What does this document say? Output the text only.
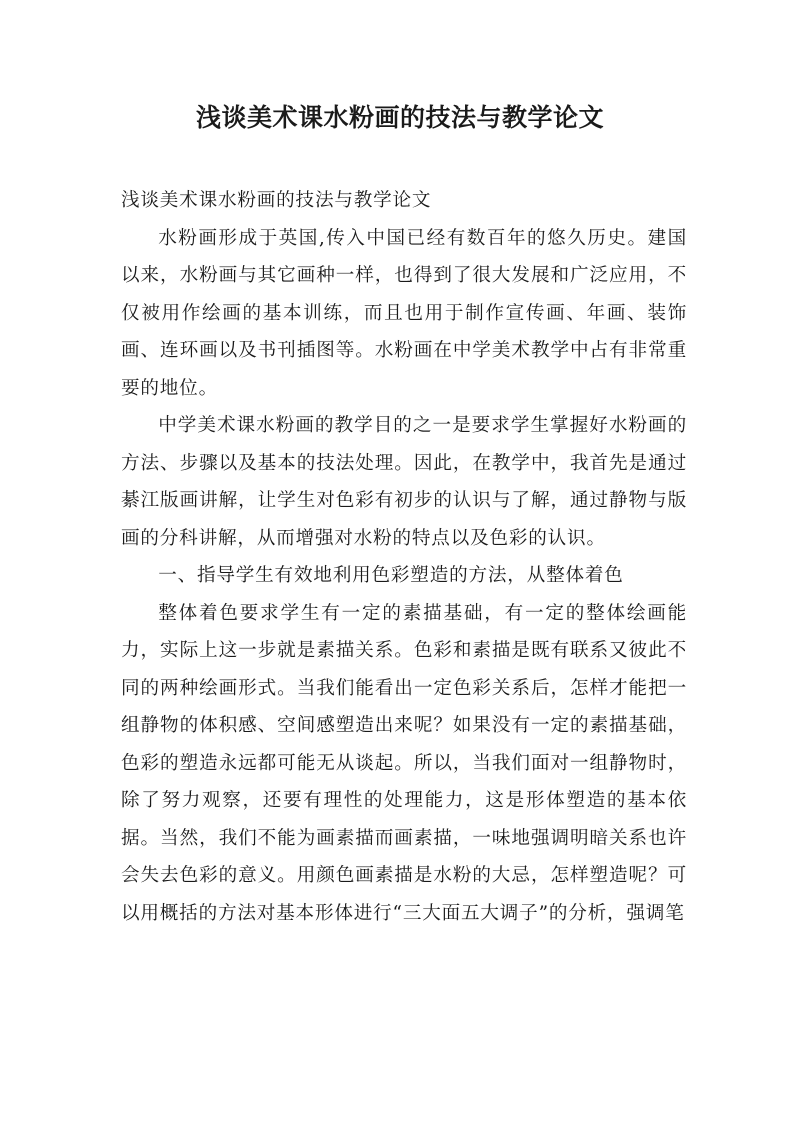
浅谈美术课水粉画的技法与教学论文

浅谈美术课水粉画的技法与教学论文

水粉画形成于英国,传入中国已经有数百年的悠久历史。建国以来，水粉画与其它画种一样，也得到了很大发展和广泛应用，不仅被用作绘画的基本训练，而且也用于制作宣传画、年画、装饰画、连环画以及书刊插图等。水粉画在中学美术教学中占有非常重要的地位。

中学美术课水粉画的教学目的之一是要求学生掌握好水粉画的方法、步骤以及基本的技法处理。因此，在教学中，我首先是通过綦江版画讲解，让学生对色彩有初步的认识与了解，通过静物与版画的分科讲解，从而增强对水粉的特点以及色彩的认识。

一、指导学生有效地利用色彩塑造的方法，从整体着色

整体着色要求学生有一定的素描基础，有一定的整体绘画能力，实际上这一步就是素描关系。色彩和素描是既有联系又彼此不同的两种绘画形式。当我们能看出一定色彩关系后，怎样才能把一组静物的体积感、空间感塑造出来呢？如果没有一定的素描基础，色彩的塑造永远都可能无从谈起。所以，当我们面对一组静物时，除了努力观察，还要有理性的处理能力，这是形体塑造的基本依据。当然，我们不能为画素描而画素描，一味地强调明暗关系也许会失去色彩的意义。用颜色画素描是水粉的大忌，怎样塑造呢？可以用概括的方法对基本形体进行“三大面五大调子”的分析，强调笔
